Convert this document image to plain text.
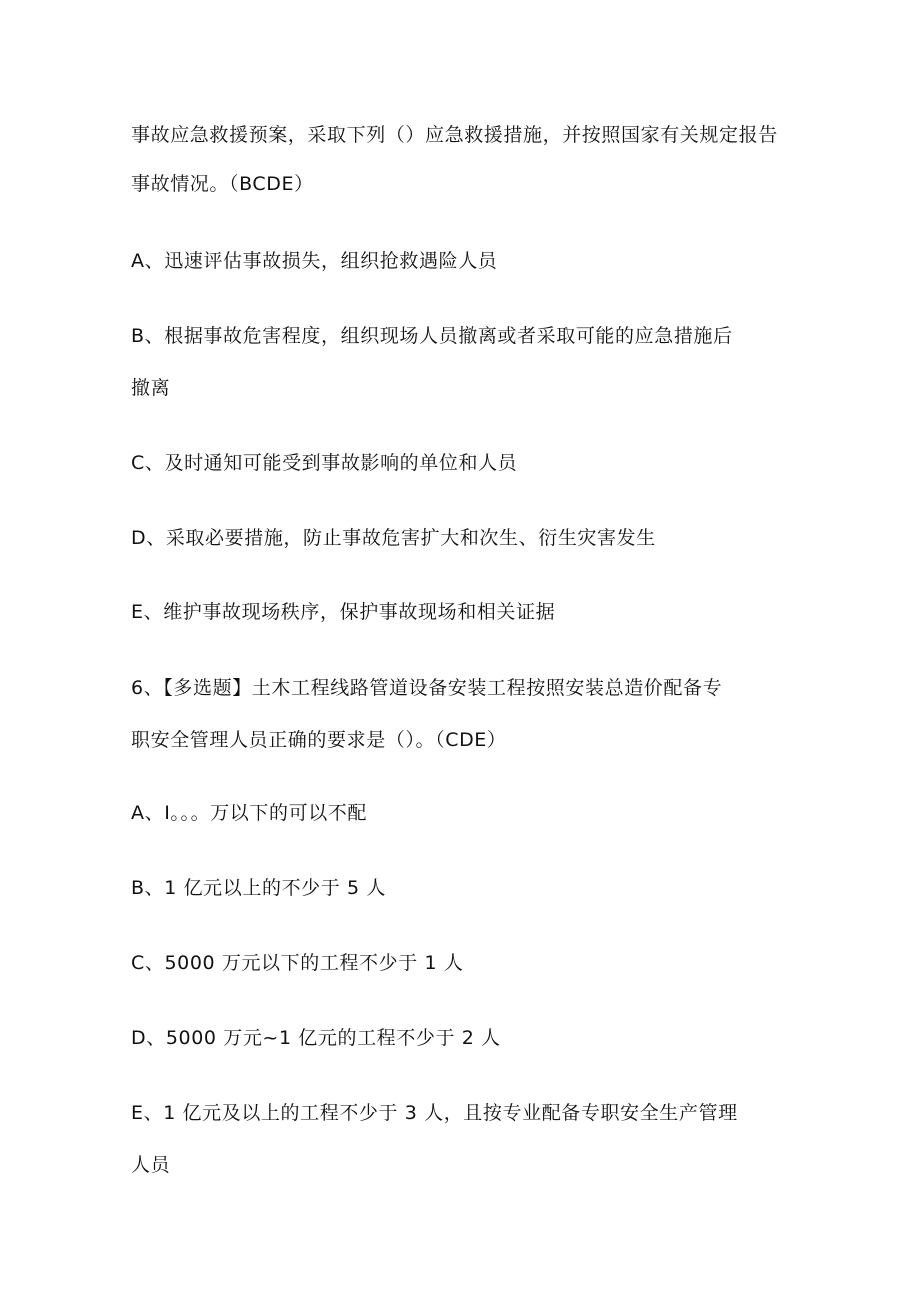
事故应急救援预案，采取下列（）应急救援措施，并按照国家有关规定报告
事故情况。（BCDE）
A、迅速评估事故损失，组织抢救遇险人员
B、根据事故危害程度，组织现场人员撤离或者采取可能的应急措施后
撤离
C、及时通知可能受到事故影响的单位和人员
D、采取必要措施，防止事故危害扩大和次生、衍生灾害发生
E、维护事故现场秩序，保护事故现场和相关证据
6、【多选题】土木工程线路管道设备安装工程按照安装总造价配备专
职安全管理人员正确的要求是（）。（CDE）
A、I。。。万以下的可以不配
B、1 亿元以上的不少于 5 人
C、5000 万元以下的工程不少于 1 人
D、5000 万元~1 亿元的工程不少于 2 人
E、1 亿元及以上的工程不少于 3 人，且按专业配备专职安全生产管理
人员
